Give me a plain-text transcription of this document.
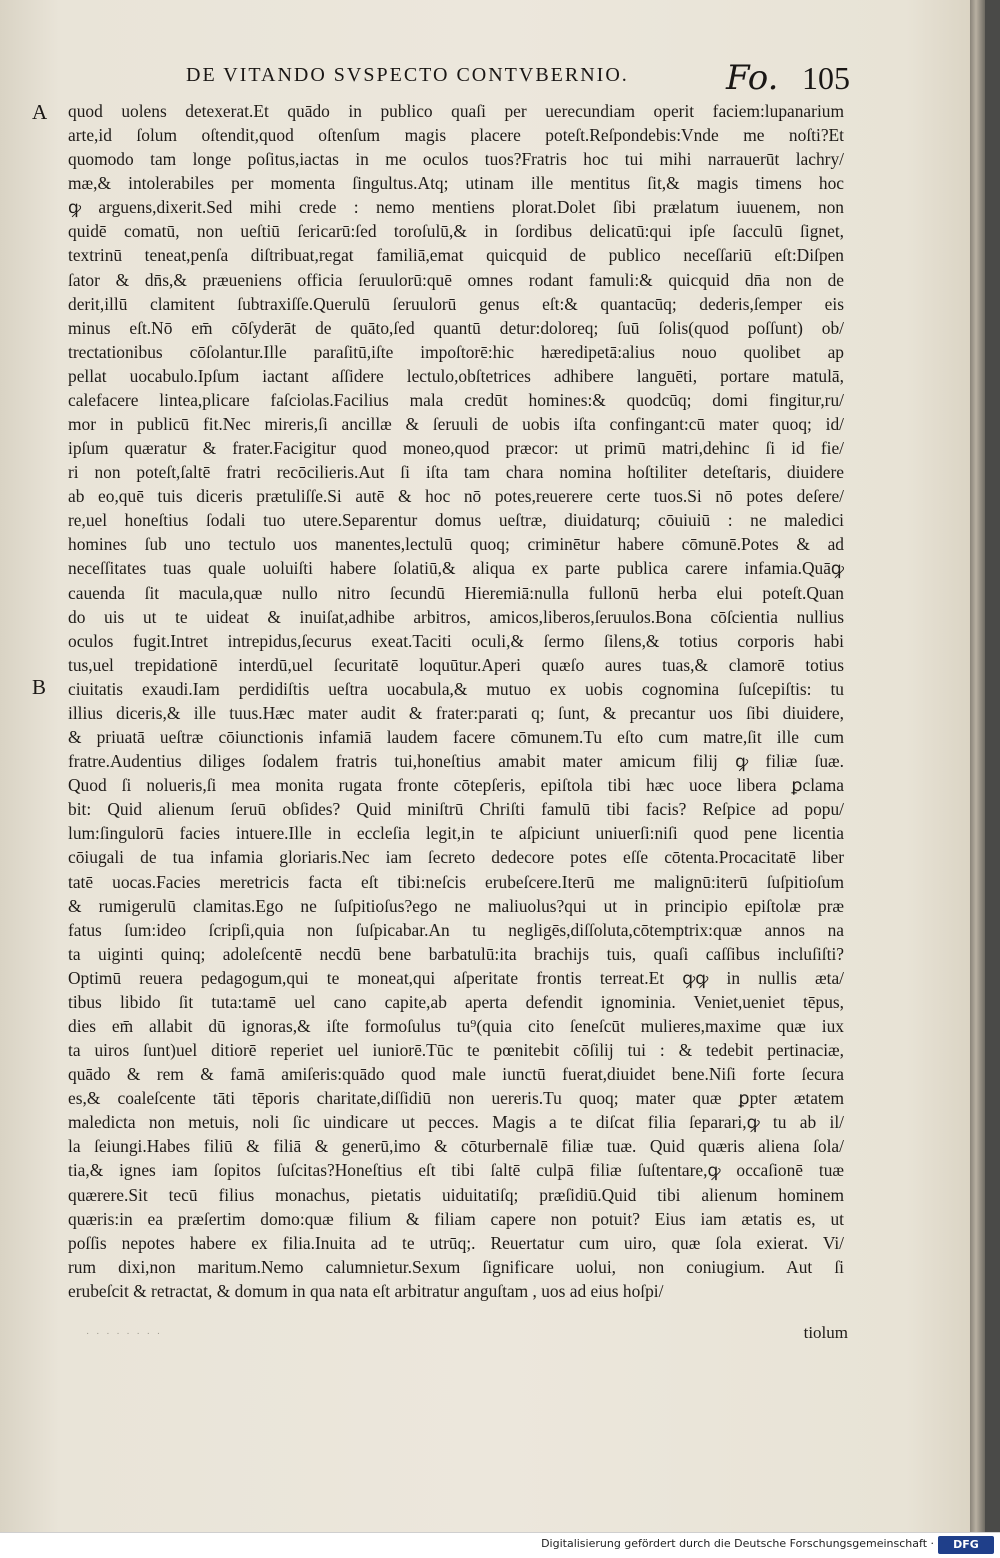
DE VITANDO SVSPECTO CONTVBERNIO.	Fo. 105
A
B
quod uolens detexerat.Et quādo in publico quaſi per uerecundiam operit faciem:lupanarium
arte,id ſolum oſtendit,quod oſtenſum magis placere poteſt.Reſpondebis:Vnde me noſti?Et
quomodo tam longe poſitus,iactas in me oculos tuos?Fratris hoc tui mihi narrauerūt lachry/
mæ,& intolerabiles per momenta ſingultus.Atq; utinam ille mentitus ſit,& magis timens hoc
ꝙ arguens,dixerit.Sed mihi crede : nemo mentiens plorat.Dolet ſibi prælatum iuuenem, non
quidē comatū, non ueſtiū ſericarū:ſed toroſulū,& in ſordibus delicatū:qui ipſe ſacculū ſignet,
textrinū teneat,penſa diſtribuat,regat familiā,emat quicquid de publico neceſſariū eſt:Diſpen
ſator & dn̄s,& præueniens officia ſeruulorū:quē omnes rodant famuli:& quicquid dn̄a non de
derit,illū clamitent ſubtraxiſſe.Querulū ſeruulorū genus eſt:& quantacūq; dederis,ſemper eis
minus eſt.Nō em̄ cōſyderāt de quāto,ſed quantū detur:doloreq; ſuū ſolis(quod poſſunt) ob/
trectationibus cōſolantur.Ille paraſitū,iſte impoſtorē:hic hæredipetā:alius nouo quolibet ap
pellat uocabulo.Ipſum iactant aſſidere lectulo,obſtetrices adhibere languēti, portare matulā,
calefacere lintea,plicare faſciolas.Facilius mala credūt homines:& quodcūq; domi fingitur,ru/
mor in publicū fit.Nec mireris,ſi ancillæ & ſeruuli de uobis iſta confingant:cū mater quoq; id/
ipſum quæratur & frater.Facigitur quod moneo,quod præcor: ut primū matri,dehinc ſi id fie/
ri non poteſt,ſaltē fratri recōcilieris.Aut ſi iſta tam chara nomina hoſtiliter deteſtaris, diuidere
ab eo,quē tuis diceris prætuliſſe.Si autē & hoc nō potes,reuerere certe tuos.Si nō potes deſere/
re,uel honeſtius ſodali tuo utere.Separentur domus ueſtræ, diuidaturq; cōuiuiū : ne maledici
homines ſub uno tectulo uos manentes,lectulū quoq; criminētur habere cōmunē.Potes & ad
neceſſitates tuas quale uoluiſti habere ſolatiū,& aliqua ex parte publica carere infamia.Quāꝙ
cauenda ſit macula,quæ nullo nitro ſecundū Hieremiā:nulla fullonū herba elui poteſt.Quan
do uis ut te uideat & inuiſat,adhibe arbitros, amicos,liberos,ſeruulos.Bona cōſcientia nullius
oculos fugit.Intret intrepidus,ſecurus exeat.Taciti oculi,& ſermo ſilens,& totius corporis habi
tus,uel trepidationē interdū,uel ſecuritatē loquūtur.Aperi quæſo aures tuas,& clamorē totius
ciuitatis exaudi.Iam perdidiſtis ueſtra uocabula,& mutuo ex uobis cognomina ſuſcepiſtis: tu
illius diceris,& ille tuus.Hæc mater audit & frater:parati q; ſunt, & precantur uos ſibi diuidere,
& priuatā ueſtræ cōiunctionis infamiā laudem facere cōmunem.Tu eſto cum matre,ſit ille cum
fratre.Audentius diliges ſodalem fratris tui,honeſtius amabit mater amicum filij ꝙ filiæ ſuæ.
Quod ſi nolueris,ſi mea monita rugata fronte cōtepſeris, epiſtola tibi hæc uoce libera ꝑclama
bit: Quid alienum ſeruū obſides? Quid miniſtrū Chriſti famulū tibi facis? Reſpice ad popu/
lum:ſingulorū facies intuere.Ille in eccleſia legit,in te aſpiciunt uniuerſi:niſi quod pene licentia
cōiugali de tua infamia gloriaris.Nec iam ſecreto dedecore potes eſſe cōtenta.Procacitatē liber
tatē uocas.Facies meretricis facta eſt tibi:neſcis erubeſcere.Iterū me malignū:iterū ſuſpitioſum
& rumigerulū clamitas.Ego ne ſuſpitioſus?ego ne maliuolus?qui ut in principio epiſtolæ præ
fatus ſum:ideo ſcripſi,quia non ſuſpicabar.An tu negligēs,diſſoluta,cōtemptrix:quæ annos na
ta uiginti quinq; adoleſcentē necdū bene barbatulū:ita brachijs tuis, quaſi caſſibus incluſiſti?
Optimū reuera pedagogum,qui te moneat,qui aſperitate frontis terreat.Et ꝙꝙ in nullis æta/
tibus libido ſit tuta:tamē uel cano capite,ab aperta defendit ignominia. Veniet,ueniet tēpus,
dies em̄ allabit dū ignoras,& iſte formoſulus tu⁹(quia cito ſeneſcūt mulieres,maxime quæ iux
ta uiros ſunt)uel ditiorē reperiet uel iuniorē.Tūc te pœnitebit cōſilij tui : & tedebit pertinaciæ,
quādo & rem & famā amiſeris:quādo quod male iunctū fuerat,diuidet bene.Niſi forte ſecura
es,& coaleſcente tāti tēporis charitate,diſſidiū non uereris.Tu quoq; mater quæ ꝑpter ætatem
maledicta non metuis, noli ſic uindicare ut pecces. Magis a te diſcat filia ſeparari,ꝙ tu ab il/
la ſeiungi.Habes filiū & filiā & generū,imo & cōturbernalē filiæ tuæ. Quid quæris aliena ſola/
tia,& ignes iam ſopitos ſuſcitas?Honeſtius eſt tibi ſaltē culpā filiæ ſuſtentare,ꝙ occaſionē tuæ
quærere.Sit tecū filius monachus, pietatis uiduitatiſq; præſidiū.Quid tibi alienum hominem
quæris:in ea præſertim domo:quæ filium & filiam capere non potuit? Eius iam ætatis es, ut
poſſis nepotes habere ex filia.Inuita ad te utrūq;. Reuertatur cum uiro, quæ ſola exierat. Vi/
rum dixi,non maritum.Nemo calumnietur.Sexum ſignificare uolui, non coniugium. Aut ſi
erubeſcit & retractat, & domum in qua nata eſt arbitratur anguſtam , uos ad eius hoſpi/
· · · · · · · ·	tiolum
Digitalisierung gefördert durch die Deutsche Forschungsgemeinschaft ·	DFG
